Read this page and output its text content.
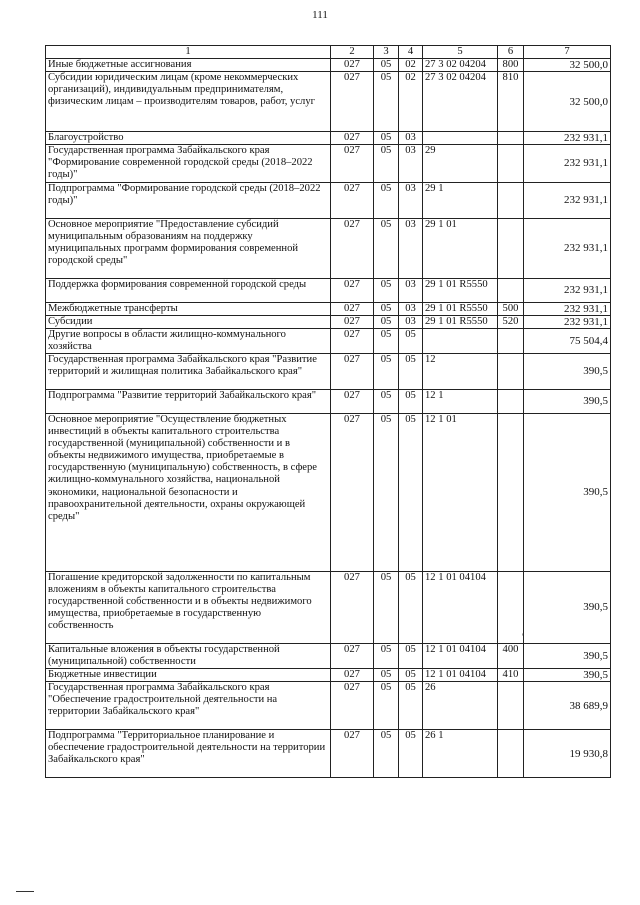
111
1	2	3	4	5	6	7
Иные бюджетные ассигнования	027	05	02	27 3 02 04204	800	32 500,0
Субсидии юридическим лицам (кроме некоммерческих организаций), индивидуальным предпринимателям, физическим лицам – производителям товаров, работ, услуг	027	05	02	27 3 02 04204	810	32 500,0
Благоустройство	027	05	03			232 931,1
Государственная программа Забайкальского края "Формирование современной городской среды (2018–2022 годы)"	027	05	03	29		232 931,1
Подпрограмма "Формирование городской среды (2018–2022 годы)"	027	05	03	29 1		232 931,1
Основное мероприятие "Предоставление субсидий муниципальным образованиям на поддержку муниципальных программ формирования современной городской среды"	027	05	03	29 1 01		232 931,1
Поддержка формирования современной городской среды	027	05	03	29 1 01 R5550		232 931,1
Межбюджетные трансферты	027	05	03	29 1 01 R5550	500	232 931,1
Субсидии	027	05	03	29 1 01 R5550	520	232 931,1
Другие вопросы в области жилищно-коммунального хозяйства	027	05	05			75 504,4
Государственная программа Забайкальского края "Развитие территорий и жилищная политика Забайкальского края"	027	05	05	12		390,5
Подпрограмма "Развитие территорий Забайкальского края"	027	05	05	12 1		390,5
Основное мероприятие "Осуществление бюджетных инвестиций в объекты капитального строительства государственной (муниципальной) собственности и в объекты недвижимого имущества, приобретаемые в государственную (муниципальную) собственность, в сфере жилищно-коммунального хозяйства, национальной экономики, национальной безопасности и правоохранительной деятельности, охраны окружающей среды"	027	05	05	12 1 01		390,5
Погашение кредиторской задолженности по капитальным вложениям в объекты капитального строительства государственной собственности и в объекты недвижимого имущества, приобретаемые в государственную собственность	027	05	05	12 1 01 04104		390,5
Капитальные вложения в объекты государственной (муниципальной) собственности	027	05	05	12 1 01 04104	400	390,5
Бюджетные инвестиции	027	05	05	12 1 01 04104	410	390,5
Государственная программа Забайкальского края "Обеспечение градостроительной деятельности на территории Забайкальского края"	027	05	05	26		38 689,9
Подпрограмма "Территориальное планирование и обеспечение градостроительной деятельности на территории Забайкальского края"	027	05	05	26 1		19 930,8
'
